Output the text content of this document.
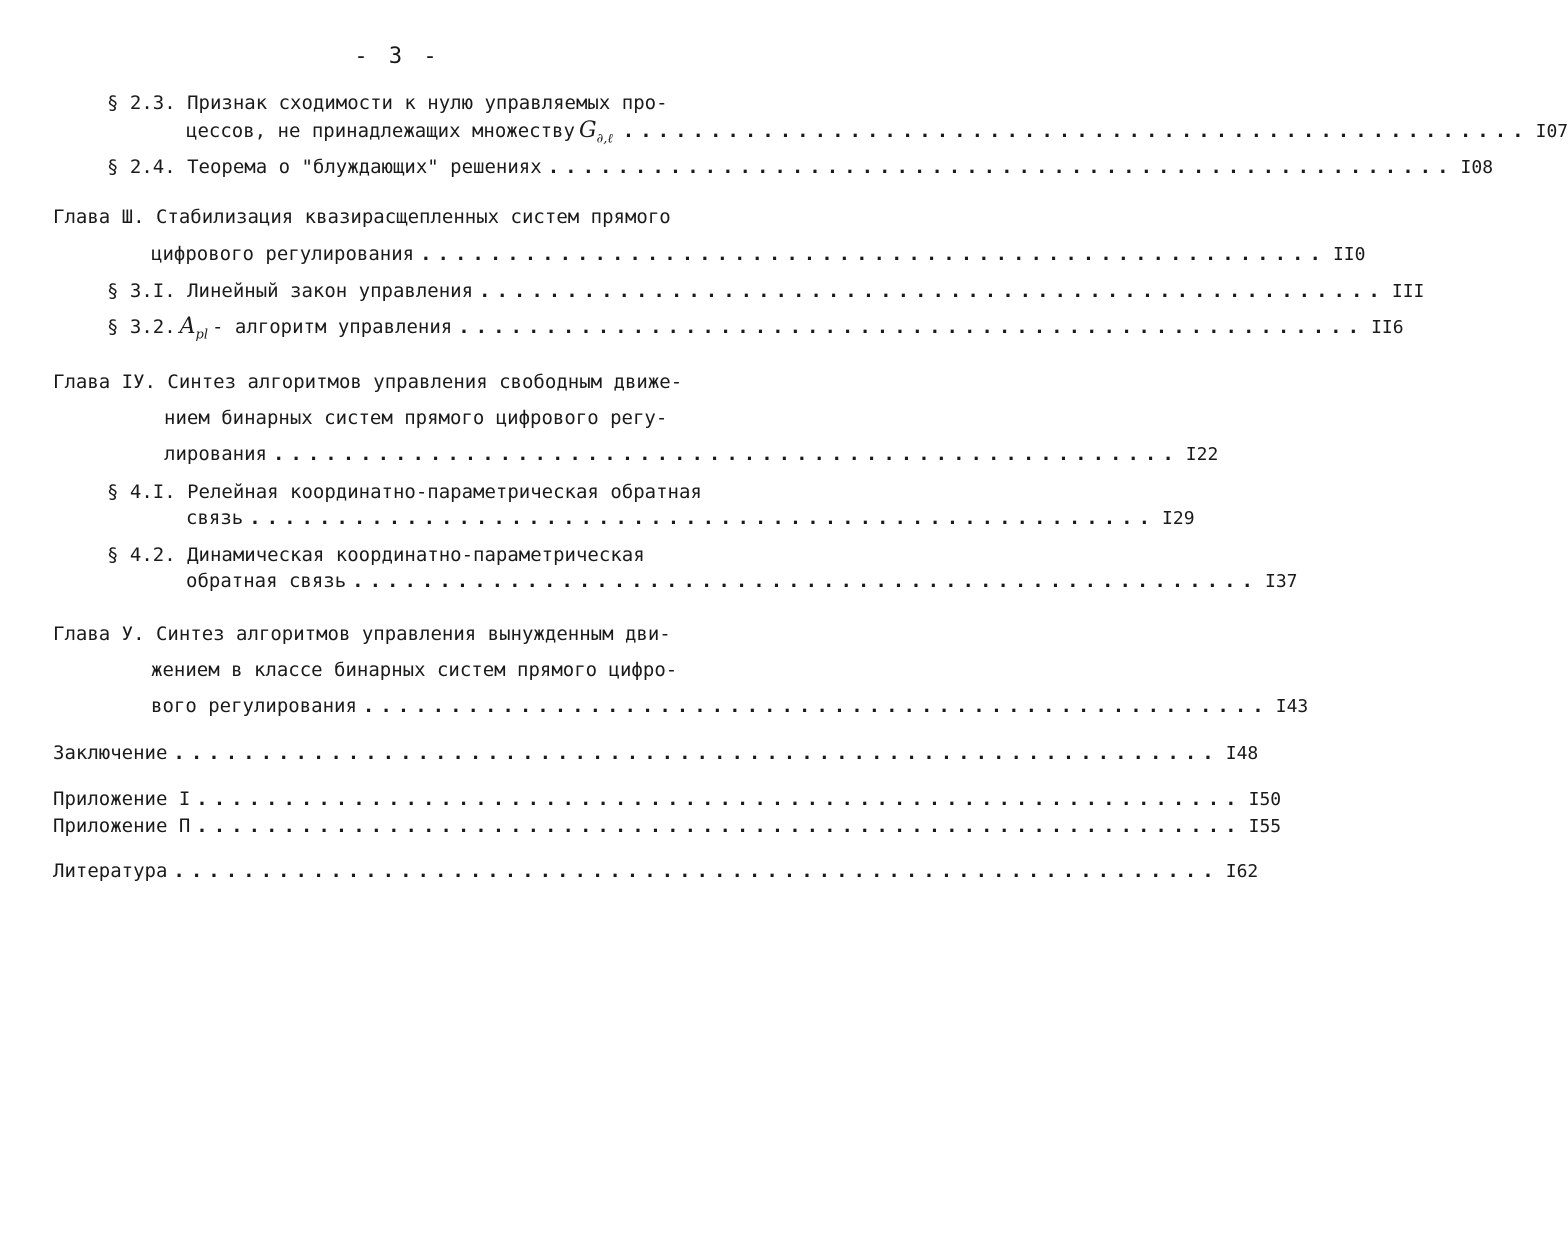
- 3 -
§ 2.3. Признак сходимости к нулю управляемых про-
цессов, не принадлежащих множеству $G_{\partial,\ell}$ .................................................... I07
§ 2.4. Теорема о "блуждающих" решениях .................................................... I08
Глава Ш. Стабилизация квазирасщепленных систем прямого
цифрового регулирования .................................................... II0
§ 3.I. Линейный закон управления .................................................... III
§ 3.2. $A_{pl}$ - алгоритм управления .................................................... II6
Глава IУ. Синтез алгоритмов управления свободным движе-
нием бинарных систем прямого цифрового регу-
лирования .................................................... I22
§ 4.I. Релейная координатно-параметрическая обратная
связь .................................................... I29
§ 4.2. Динамическая координатно-параметрическая
обратная связь .................................................... I37
Глава У. Синтез алгоритмов управления вынужденным дви-
жением в классе бинарных систем прямого цифро-
вого регулирования .................................................... I43
Заключение ............................................................ I48
Приложение I ............................................................ I50
Приложение П ............................................................ I55
Литература ............................................................ I62
